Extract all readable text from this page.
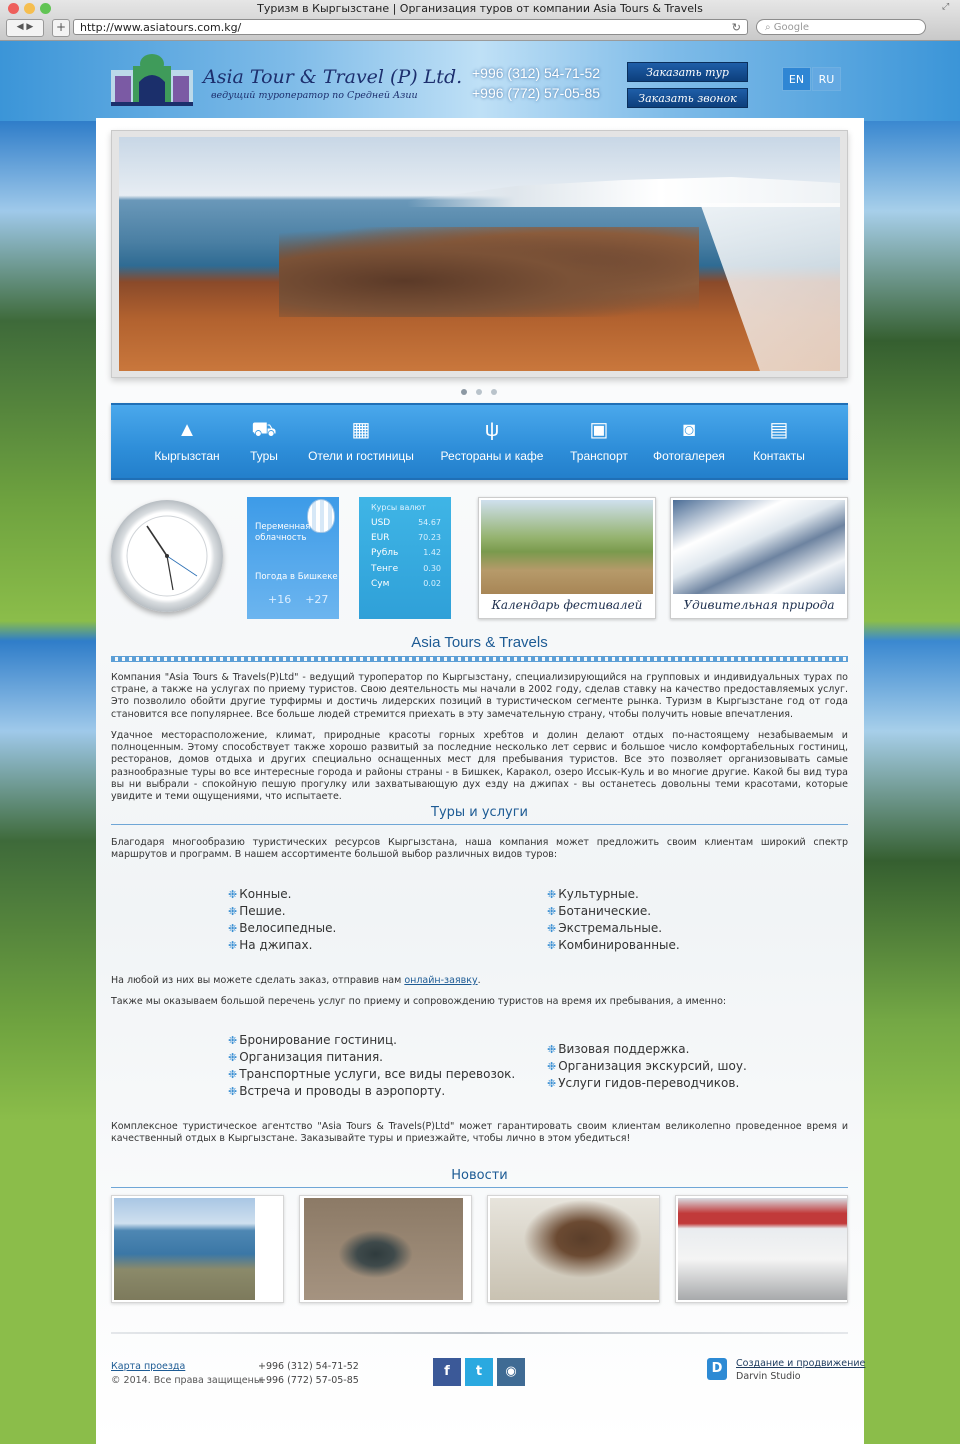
Туризм в Кыргызстане | Организация туров от компании Asia Tours & Travels
◀ ▶	+	http://www.asiatours.com.kg/	↻	⌕ Google
⤢
Asia Tour & Travel (P) Ltd.
ведущий туроператор по Средней Азии
+996 (312) 54-71-52
+996 (772) 57-05-85
Заказать тур
Заказать звонок
EN	RU
▲
Кыргызстан
⛟
Туры
▦
Отели и гостиницы
ψ
Рестораны и кафе
▣
Транспорт
◙
Фотогалерея
▤
Контакты
Переменная облачность
Погода в Бишкеке
+16 +27
Курсы валют
USD	54.67
EUR	70.23
Рубль	1.42
Тенге	0.30
Сум	0.02
Календарь фестивалей	Удивительная природа
Asia Tours & Travels
Компания "Asia Tours & Travels(P)Ltd" - ведущий туроператор по Кыргызстану, специализирующийся на групповых и индивидуальных турах по стране, а также на услугах по приему туристов. Свою деятельность мы начали в 2002 году, сделав ставку на качество предоставляемых услуг. Это позволило обойти другие турфирмы и достичь лидерских позиций в туристическом сегменте рынка. Туризм в Кыргызстане год от года становится все популярнее. Все больше людей стремится приехать в эту замечательную страну, чтобы получить новые впечатления.
Удачное месторасположение, климат, природные красоты горных хребтов и долин делают отдых по-настоящему незабываемым и полноценным. Этому способствует также хорошо развитый за последние несколько лет сервис и большое число комфортабельных гостиниц, ресторанов, домов отдыха и других специально оснащенных мест для пребывания туристов. Все это позволяет организовывать самые разнообразные туры во все интересные города и районы страны - в Бишкек, Каракол, озеро Иссык-Куль и во многие другие. Какой бы вид тура вы ни выбрали - спокойную пешую прогулку или захватывающую дух езду на джипах - вы останетесь довольны теми красотами, которые увидите и теми ощущениями, что испытаете.
Туры и услуги
Благодаря многообразию туристических ресурсов Кыргызстана, наша компания может предложить своим клиентам широкий спектр маршрутов и программ. В нашем ассортименте большой выбор различных видов туров:
❉ Конные.
❉ Пешие.
❉ Велосипедные.
❉ На джипах.
❉ Культурные.
❉ Ботанические.
❉ Экстремальные.
❉ Комбинированные.
На любой из них вы можете сделать заказ, отправив нам онлайн-заявку.
Также мы оказываем большой перечень услуг по приему и сопровождению туристов на время их пребывания, а именно:
❉ Бронирование гостиниц.
❉ Организация питания.
❉ Транспортные услуги, все виды перевозок.
❉ Встреча и проводы в аэропорту.
❉ Визовая поддержка.
❉ Организация экскурсий, шоу.
❉ Услуги гидов-переводчиков.
Комплексное туристическое агентство "Asia Tours & Travels(P)Ltd" может гарантировать своим клиентам великолепно проведенное время и качественный отдых в Кыргызстане. Заказывайте туры и приезжайте, чтобы лично в этом убедиться!
Новости
Карта проезда
© 2014. Все права защищены.
+996 (312) 54-71-52
+996 (772) 57-05-85
f	t	◉	D	Создание и продвижение
Darvin Studio
